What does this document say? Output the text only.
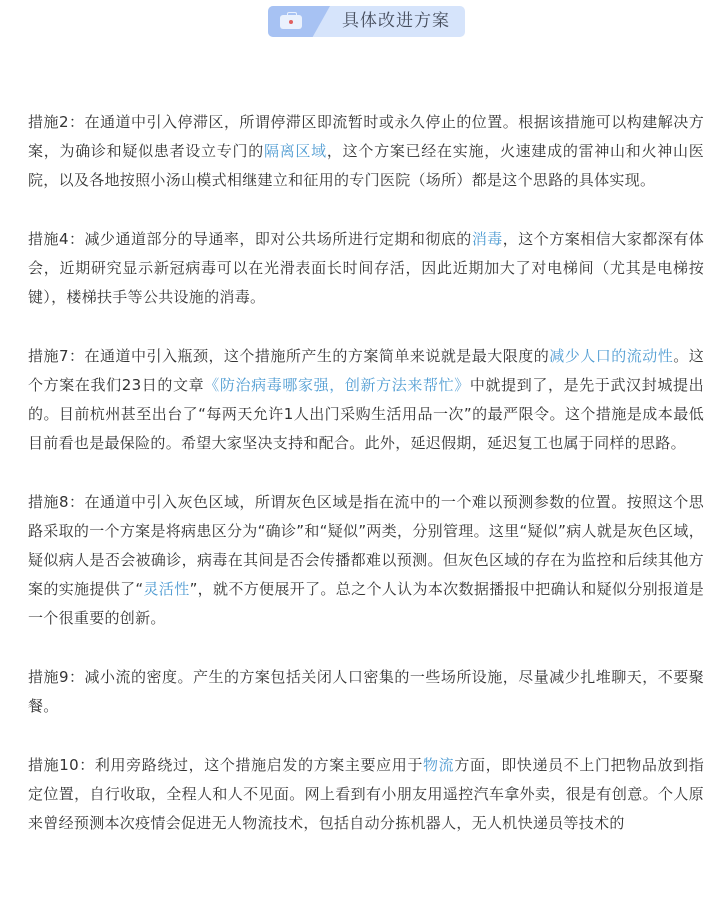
具体改进方案

措施2：在通道中引入停滞区，所谓停滞区即流暂时或永久停止的位置。根据该措施可以构建解决方案，为确诊和疑似患者设立专门的隔离区域，这个方案已经在实施，火速建成的雷神山和火神山医院，以及各地按照小汤山模式相继建立和征用的专门医院（场所）都是这个思路的具体实现。

措施4：减少通道部分的导通率，即对公共场所进行定期和彻底的消毒，这个方案相信大家都深有体会，近期研究显示新冠病毒可以在光滑表面长时间存活，因此近期加大了对电梯间（尤其是电梯按键），楼梯扶手等公共设施的消毒。

措施7：在通道中引入瓶颈，这个措施所产生的方案简单来说就是最大限度的减少人口的流动性。这个方案在我们23日的文章《防治病毒哪家强，创新方法来帮忙》中就提到了，是先于武汉封城提出的。目前杭州甚至出台了“每两天允许1人出门采购生活用品一次”的最严限令。这个措施是成本最低目前看也是最保险的。希望大家坚决支持和配合。此外，延迟假期，延迟复工也属于同样的思路。

措施8：在通道中引入灰色区域，所谓灰色区域是指在流中的一个难以预测参数的位置。按照这个思路采取的一个方案是将病患区分为“确诊”和“疑似”两类，分别管理。这里“疑似”病人就是灰色区域，疑似病人是否会被确诊，病毒在其间是否会传播都难以预测。但灰色区域的存在为监控和后续其他方案的实施提供了“灵活性”，就不方便展开了。总之个人认为本次数据播报中把确认和疑似分别报道是一个很重要的创新。

措施9：减小流的密度。产生的方案包括关闭人口密集的一些场所设施，尽量减少扎堆聊天，不要聚餐。

措施10：利用旁路绕过，这个措施启发的方案主要应用于物流方面，即快递员不上门把物品放到指定位置，自行收取，全程人和人不见面。网上看到有小朋友用遥控汽车拿外卖，很是有创意。个人原来曾经预测本次疫情会促进无人物流技术，包括自动分拣机器人，无人机快递员等技术的
